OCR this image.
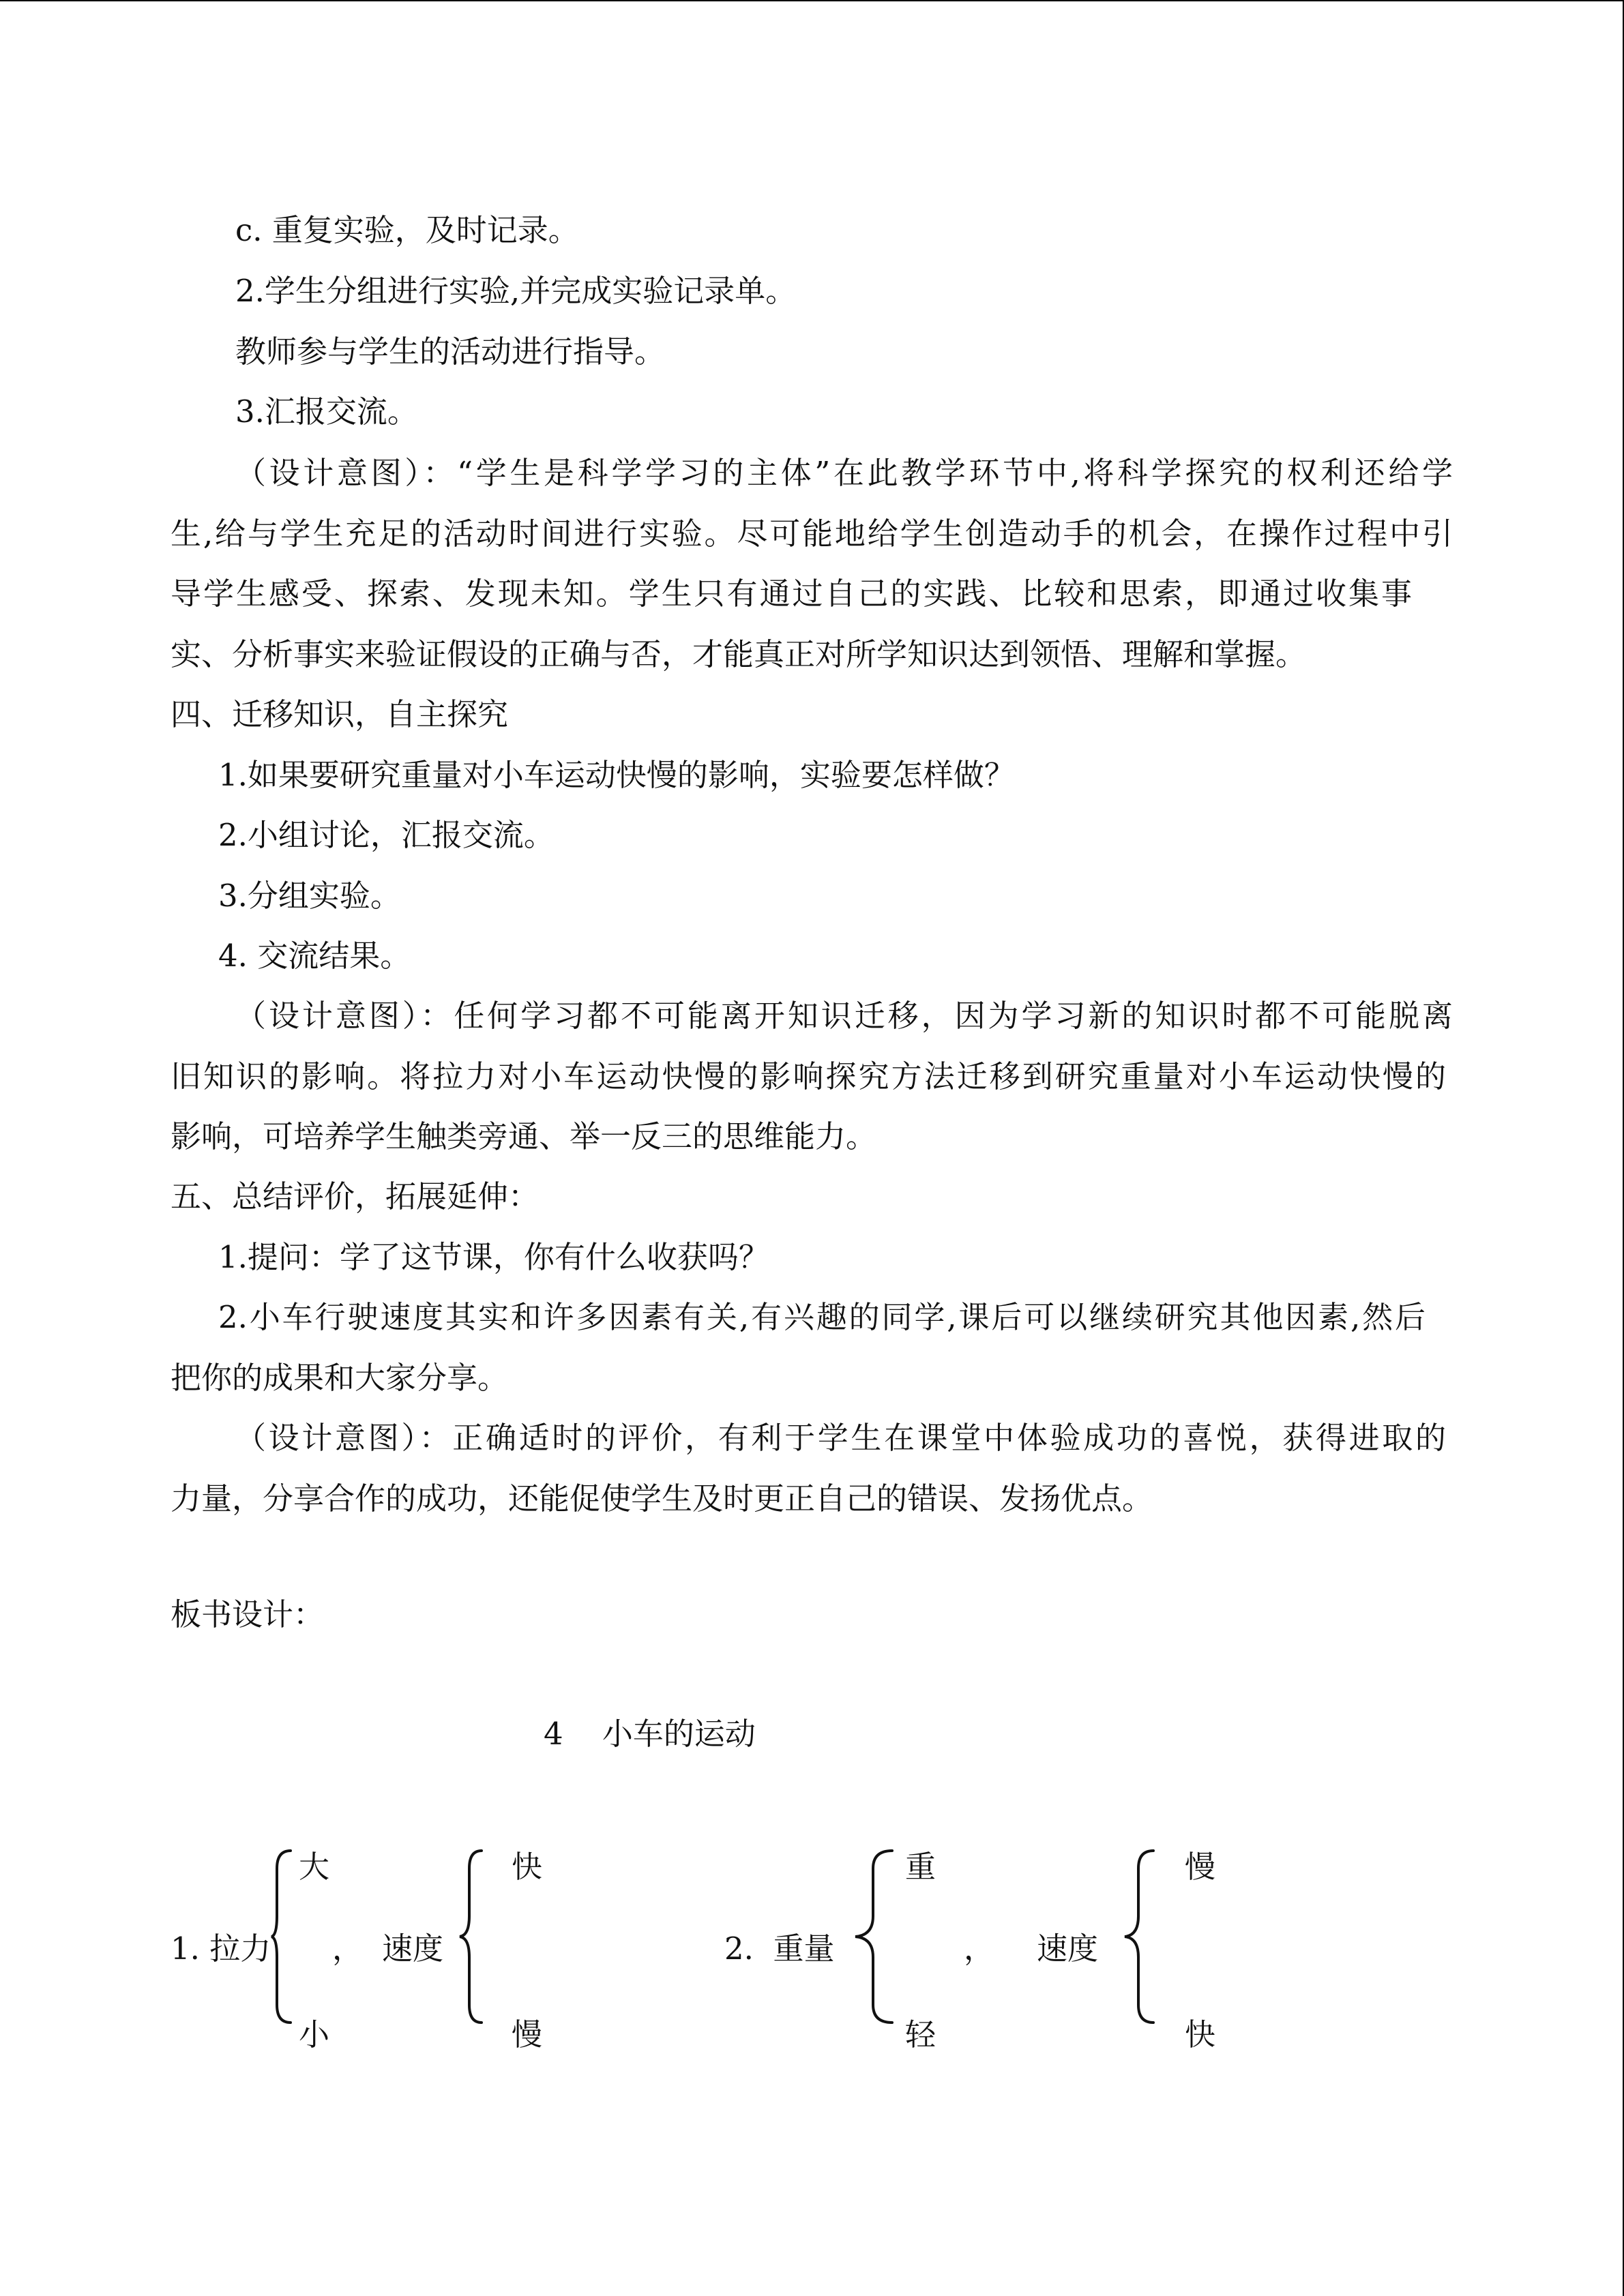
c. 重复实验，及时记录。
2.学生分组进行实验,并完成实验记录单。
教师参与学生的活动进行指导。
3.汇报交流。
（设计意图）：“学生是科学学习的主体”在此教学环节中,将科学探究的权利还给学
生,给与学生充足的活动时间进行实验。尽可能地给学生创造动手的机会，在操作过程中引
导学生感受、探索、发现未知。学生只有通过自己的实践、比较和思索，即通过收集事
实、分析事实来验证假设的正确与否，才能真正对所学知识达到领悟、理解和掌握。
四、迁移知识，自主探究
1.如果要研究重量对小车运动快慢的影响，实验要怎样做？
2.小组讨论，汇报交流。
3.分组实验。
4. 交流结果。
（设计意图）：任何学习都不可能离开知识迁移，因为学习新的知识时都不可能脱离
旧知识的影响。将拉力对小车运动快慢的影响探究方法迁移到研究重量对小车运动快慢的
影响，可培养学生触类旁通、举一反三的思维能力。
五、总结评价，拓展延伸：
1.提问：学了这节课，你有什么收获吗？
2.小车行驶速度其实和许多因素有关,有兴趣的同学,课后可以继续研究其他因素,然后
把你的成果和大家分享。
（设计意图）：正确适时的评价，有利于学生在课堂中体验成功的喜悦，获得进取的
力量，分享合作的成功，还能促使学生及时更正自己的错误、发扬优点。
板书设计：
4    小车的运动
1. 拉力
大
小
， 速度
快
慢
2.  重量
重
轻
， 速度
慢
快
